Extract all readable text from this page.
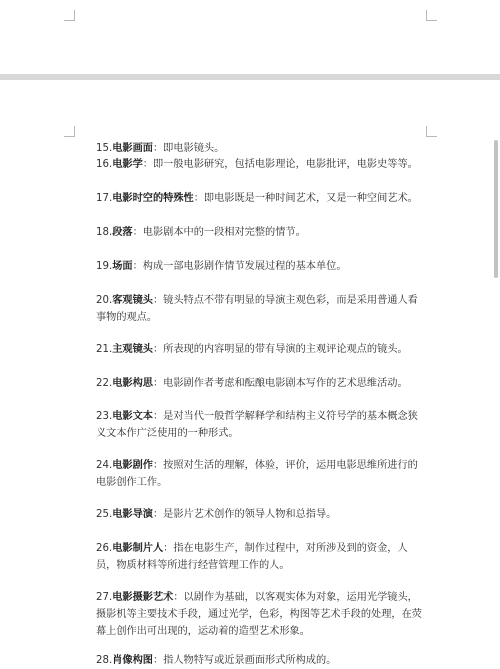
15.电影画面：即电影镜头。

16.电影学：即一般电影研究，包括电影理论，电影批评，电影史等等。

17.电影时空的特殊性：即电影既是一种时间艺术，又是一种空间艺术。

18.段落：电影剧本中的一段相对完整的情节。

19.场面：构成一部电影剧作情节发展过程的基本单位。

20.客观镜头：镜头特点不带有明显的导演主观色彩，而是采用普通人看事物的观点。

21.主观镜头：所表现的内容明显的带有导演的主观评论观点的镜头。

22.电影构思：电影剧作者考虑和酝酿电影剧本写作的艺术思维活动。

23.电影文本：是对当代一般哲学解释学和结构主义符号学的基本概念狭义文本作广泛使用的一种形式。

24.电影剧作：按照对生活的理解，体验，评价，运用电影思维所进行的电影创作工作。

25.电影导演：是影片艺术创作的领导人物和总指导。

26.电影制片人：指在电影生产，制作过程中，对所涉及到的资金，人员，物质材料等所进行经营管理工作的人。

27.电影摄影艺术：以剧作为基础，以客观实体为对象，运用光学镜头，摄影机等主要技术手段，通过光学，色彩，构图等艺术手段的处理，在荧幕上创作出可出现的，运动着的造型艺术形象。

28.肖像构图：指人物特写或近景画面形式所构成的。
